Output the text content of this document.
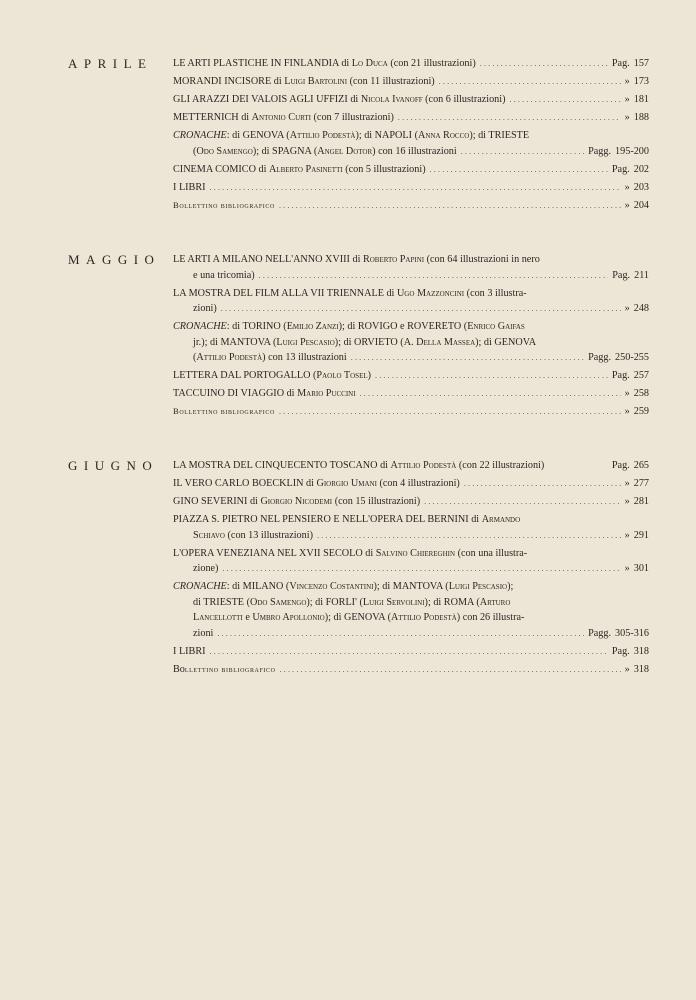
APRILE LE ARTI PLASTICHE IN FINLANDIA di Lo Duca (con 21 illustrazioni) .....	Pag. 157
MORANDI INCISORE di Luigi Bartolini (con 11 illustrazioni) .....	» 173
GLI ARAZZI DEI VALOIS AGLI UFFIZI di Nicola Ivanoff (con 6 illustrazioni) .....	» 181
METTERNICH di Antonio Curti (con 7 illustrazioni) .....	» 188
CRONACHE: di GENOVA (Attilio Podestà); di NAPOLI (Anna Rocco); di TRIESTE
(Odo Samengo); di SPAGNA (Angel Dotor) con 16 illustrazioni .....	Pagg. 195-200
CINEMA COMICO di Alberto Pasinetti (con 5 illustrazioni) .....	Pag. 202
I LIBRI .....	» 203
Bollettino bibliografico .....	» 204
MAGGIO LE ARTI A MILANO NELL'ANNO XVIII di Roberto Papini (con 64 illustrazioni in nero
e una tricomia) .....	Pag. 211
LA MOSTRA DEL FILM ALLA VII TRIENNALE di Ugo Mazzoncini (con 3 illustra-
zioni) .....	» 248
CRONACHE: di TORINO (Emilio Zanzi); di ROVIGO e ROVERETO (Enrico Gaifas
jr.); di MANTOVA (Luigi Pescasio); di ORVIETO (A. Della Massea); di GENOVA
(Attilio Podestà) con 13 illustrazioni .....	Pagg. 250-255
LETTERA DAL PORTOGALLO (Paolo Tosel) .....	Pag. 257
TACCUINO DI VIAGGIO di Mario Puccini .....	» 258
Bollettino bibliografico .....	» 259
GIUGNO LA MOSTRA DEL CINQUECENTO TOSCANO di Attilio Podestà (con 22 illustrazioni)	Pag. 265
IL VERO CARLO BOECKLIN di Giorgio Umani (con 4 illustrazioni) .....	» 277
GINO SEVERINI di Giorgio Nicodemi (con 15 illustrazioni) .....	» 281
PIAZZA S. PIETRO NEL PENSIERO E NELL'OPERA DEL BERNINI di Armando
Schiavo (con 13 illustrazioni) .....	» 291
L'OPERA VENEZIANA NEL XVII SECOLO di Salvino Chiereghin (con una illustra-
zione) .....	» 301
CRONACHE: di MILANO (Vincenzo Costantini); di MANTOVA (Luigi Pescasio);
di TRIESTE (Odo Samengo); di FORLI' (Luigi Servolini); di ROMA (Arturo
Lancellotti e Umbro Apollonio); di GENOVA (Attilio Podestà) con 26 illustra-
zioni .....	Pagg. 305-316
I LIBRI .....	Pag. 318
Bollettino bibliografico .....	» 318
